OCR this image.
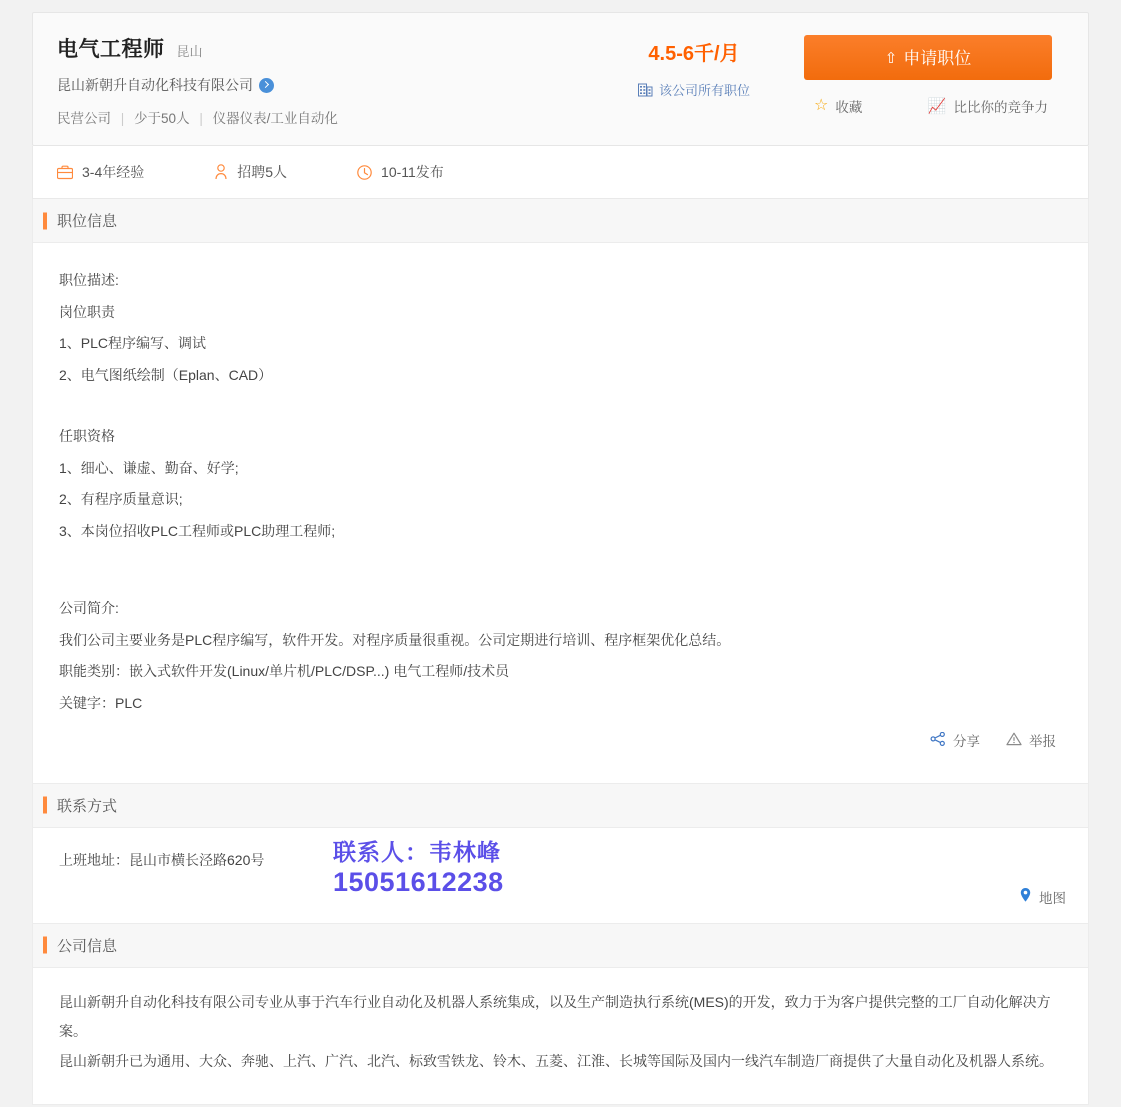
电气工程师 昆山
昆山新朝升自动化科技有限公司
民营公司 | 少于50人 | 仪器仪表/工业自动化
4.5-6千/月
该公司所有职位
⇧ 申请职位
☆ 收藏	📈 比比你的竞争力
3-4年经验	招聘5人	10-11发布
职位信息
职位描述:
岗位职责
1、PLC程序编写、调试
2、电气图纸绘制（Eplan、CAD）
任职资格
1、细心、谦虚、勤奋、好学;
2、有程序质量意识;
3、本岗位招收PLC工程师或PLC助理工程师;
公司简介:
我们公司主要业务是PLC程序编写，软件开发。对程序质量很重视。公司定期进行培训、程序框架优化总结。
职能类别：嵌入式软件开发(Linux/单片机/PLC/DSP...) 电气工程师/技术员
关键字：PLC
分享	举报
联系方式
上班地址：昆山市横长泾路620号	联系人：韦林峰
15051612238
地图
公司信息

昆山新朝升自动化科技有限公司专业从事于汽车行业自动化及机器人系统集成，以及生产制造执行系统(MES)的开发，致力于为客户提供完整的工厂自动化解决方案。

昆山新朝升已为通用、大众、奔驰、上汽、广汽、北汽、标致雪铁龙、铃木、五菱、江淮、长城等国际及国内一线汽车制造厂商提供了大量自动化及机器人系统。
